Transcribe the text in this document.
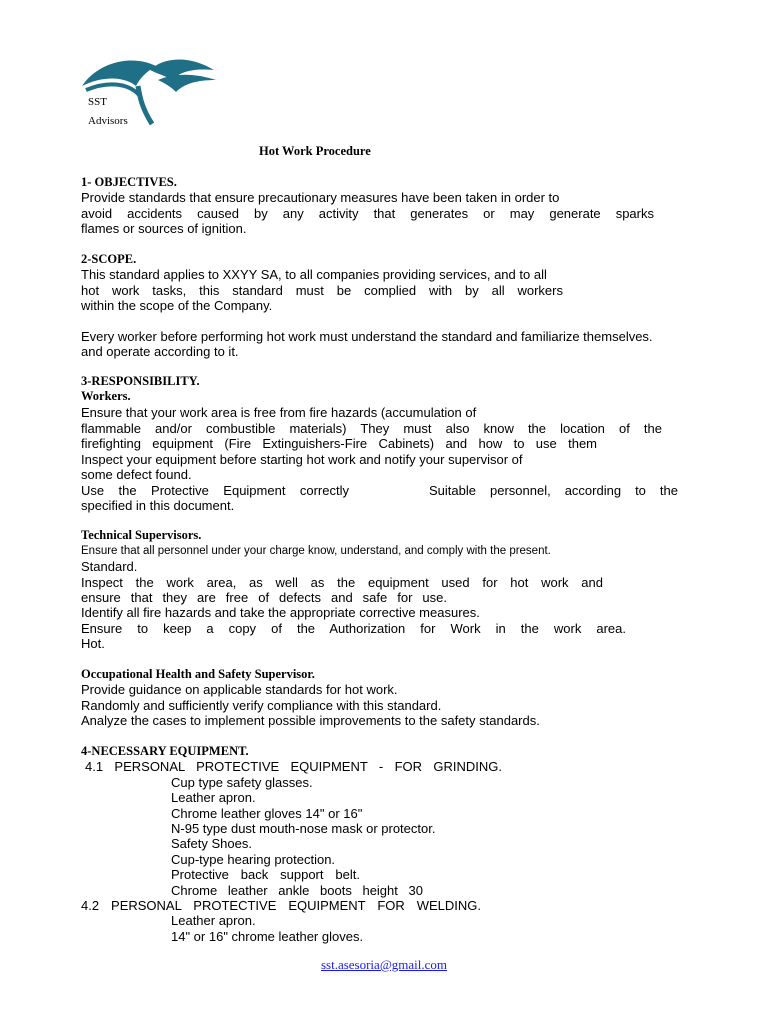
SST
Advisors
Hot Work Procedure
1- OBJECTIVES.
Provide standards that ensure precautionary measures have been taken in order to
avoid accidents caused by any activity that generates or may generate sparks
flames or sources of ignition.
2-SCOPE.
This standard applies to XXYY SA, to all companies providing services, and to all
hot work tasks, this standard must be complied with by all workers
within the scope of the Company.
Every worker before performing hot work must understand the standard and familiarize themselves.
and operate according to it.
3-RESPONSIBILITY.
Workers.
Ensure that your work area is free from fire hazards (accumulation of
flammable and/or combustible materials) They must also know the location of the
firefighting equipment (Fire Extinguishers-Fire Cabinets) and how to use them
Inspect your equipment before starting hot work and notify your supervisor of
some defect found.
Use the Protective Equipment correctly	Suitable personnel, according to the
specified in this document.
Technical Supervisors.
Ensure that all personnel under your charge know, understand, and comply with the present.
Standard.
Inspect the work area, as well as the equipment used for hot work and
ensure that they are free of defects and safe for use.
Identify all fire hazards and take the appropriate corrective measures.
Ensure to keep a copy of the Authorization for Work in the work area.
Hot.
Occupational Health and Safety Supervisor.
Provide guidance on applicable standards for hot work.
Randomly and sufficiently verify compliance with this standard.
Analyze the cases to implement possible improvements to the safety standards.
4-NECESSARY EQUIPMENT.
4.1 PERSONAL PROTECTIVE EQUIPMENT - FOR GRINDING.
Cup type safety glasses.
Leather apron.
Chrome leather gloves 14" or 16"
N-95 type dust mouth-nose mask or protector.
Safety Shoes.
Cup-type hearing protection.
Protective back support belt.
Chrome leather ankle boots height 30
4.2 PERSONAL PROTECTIVE EQUIPMENT FOR WELDING.
Leather apron.
14" or 16" chrome leather gloves.
sst.asesoria@gmail.com
